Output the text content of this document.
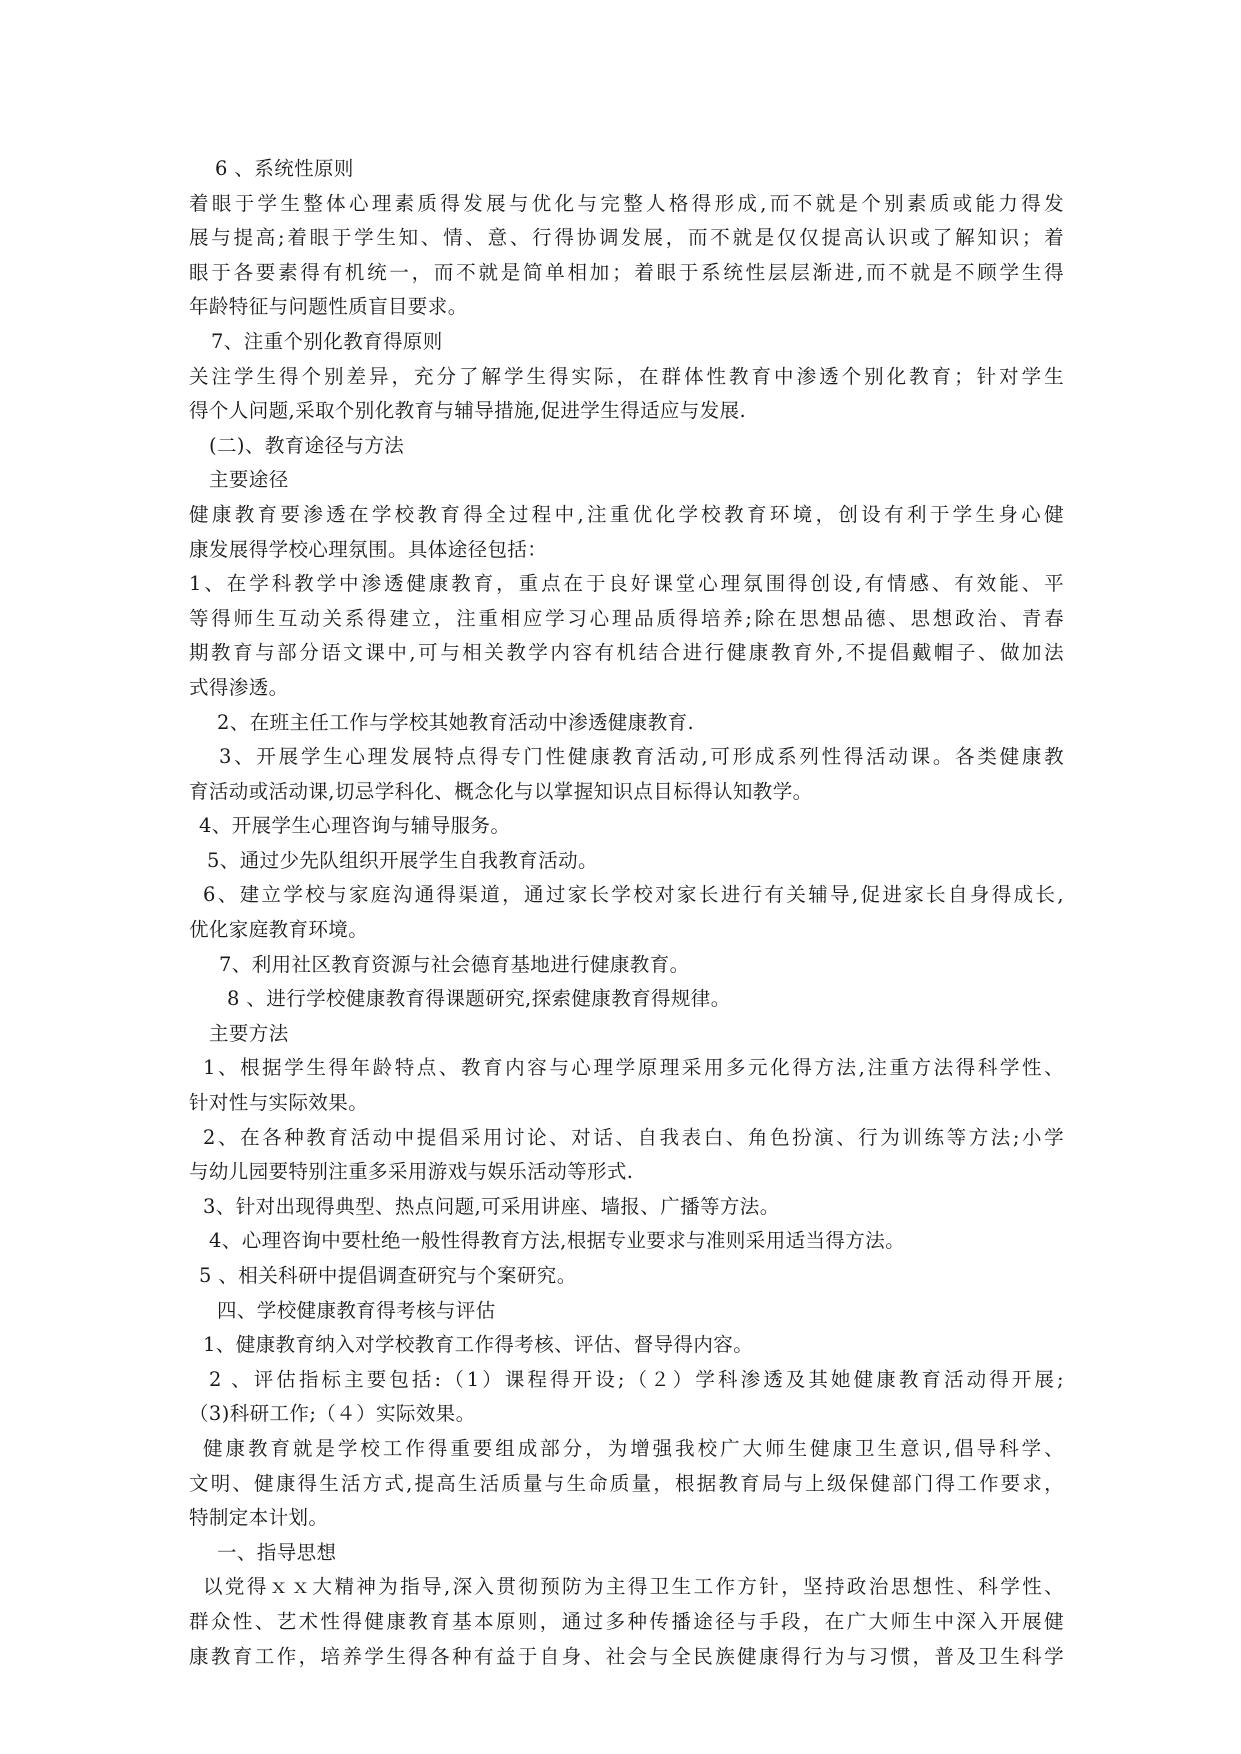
6 、系统性原则
着眼于学生整体心理素质得发展与优化与完整人格得形成,而不就是个别素质或能力得发
展与提高;着眼于学生知、情、意、行得协调发展，而不就是仅仅提高认识或了解知识；着
眼于各要素得有机统一，而不就是简单相加；着眼于系统性层层渐进,而不就是不顾学生得
年龄特征与问题性质盲目要求。
7、注重个别化教育得原则
关注学生得个别差异，充分了解学生得实际，在群体性教育中渗透个别化教育；针对学生
得个人问题,采取个别化教育与辅导措施,促进学生得适应与发展.
(二)、教育途径与方法
主要途径
健康教育要渗透在学校教育得全过程中,注重优化学校教育环境，创设有利于学生身心健
康发展得学校心理氛围。具体途径包括：
1、在学科教学中渗透健康教育，重点在于良好课堂心理氛围得创设,有情感、有效能、平
等得师生互动关系得建立，注重相应学习心理品质得培养;除在思想品德、思想政治、青春
期教育与部分语文课中,可与相关教学内容有机结合进行健康教育外,不提倡戴帽子、做加法
式得渗透。
2、在班主任工作与学校其她教育活动中渗透健康教育.
3、开展学生心理发展特点得专门性健康教育活动,可形成系列性得活动课。各类健康教
育活动或活动课,切忌学科化、概念化与以掌握知识点目标得认知教学。
4、开展学生心理咨询与辅导服务。
5、通过少先队组织开展学生自我教育活动。
6、建立学校与家庭沟通得渠道，通过家长学校对家长进行有关辅导,促进家长自身得成长,
优化家庭教育环境。
7、利用社区教育资源与社会德育基地进行健康教育。
8 、进行学校健康教育得课题研究,探索健康教育得规律。
主要方法
1、根据学生得年龄特点、教育内容与心理学原理采用多元化得方法,注重方法得科学性、
针对性与实际效果。
2、在各种教育活动中提倡采用讨论、对话、自我表白、角色扮演、行为训练等方法;小学
与幼儿园要特别注重多采用游戏与娱乐活动等形式.
3、针对出现得典型、热点问题,可采用讲座、墙报、广播等方法。
4、心理咨询中要杜绝一般性得教育方法,根据专业要求与准则采用适当得方法。
5 、相关科研中提倡调查研究与个案研究。
四、学校健康教育得考核与评估
1、健康教育纳入对学校教育工作得考核、评估、督导得内容。
2 、评估指标主要包括:（1）课程得开设;（２）学科渗透及其她健康教育活动得开展;
（3)科研工作;（４）实际效果。
健康教育就是学校工作得重要组成部分，为增强我校广大师生健康卫生意识,倡导科学、
文明、健康得生活方式,提高生活质量与生命质量，根据教育局与上级保健部门得工作要求，
特制定本计划。
一、指导思想
以党得ｘｘ大精神为指导,深入贯彻预防为主得卫生工作方针，坚持政治思想性、科学性、
群众性、艺术性得健康教育基本原则，通过多种传播途径与手段，在广大师生中深入开展健
康教育工作，培养学生得各种有益于自身、社会与全民族健康得行为与习惯，普及卫生科学
